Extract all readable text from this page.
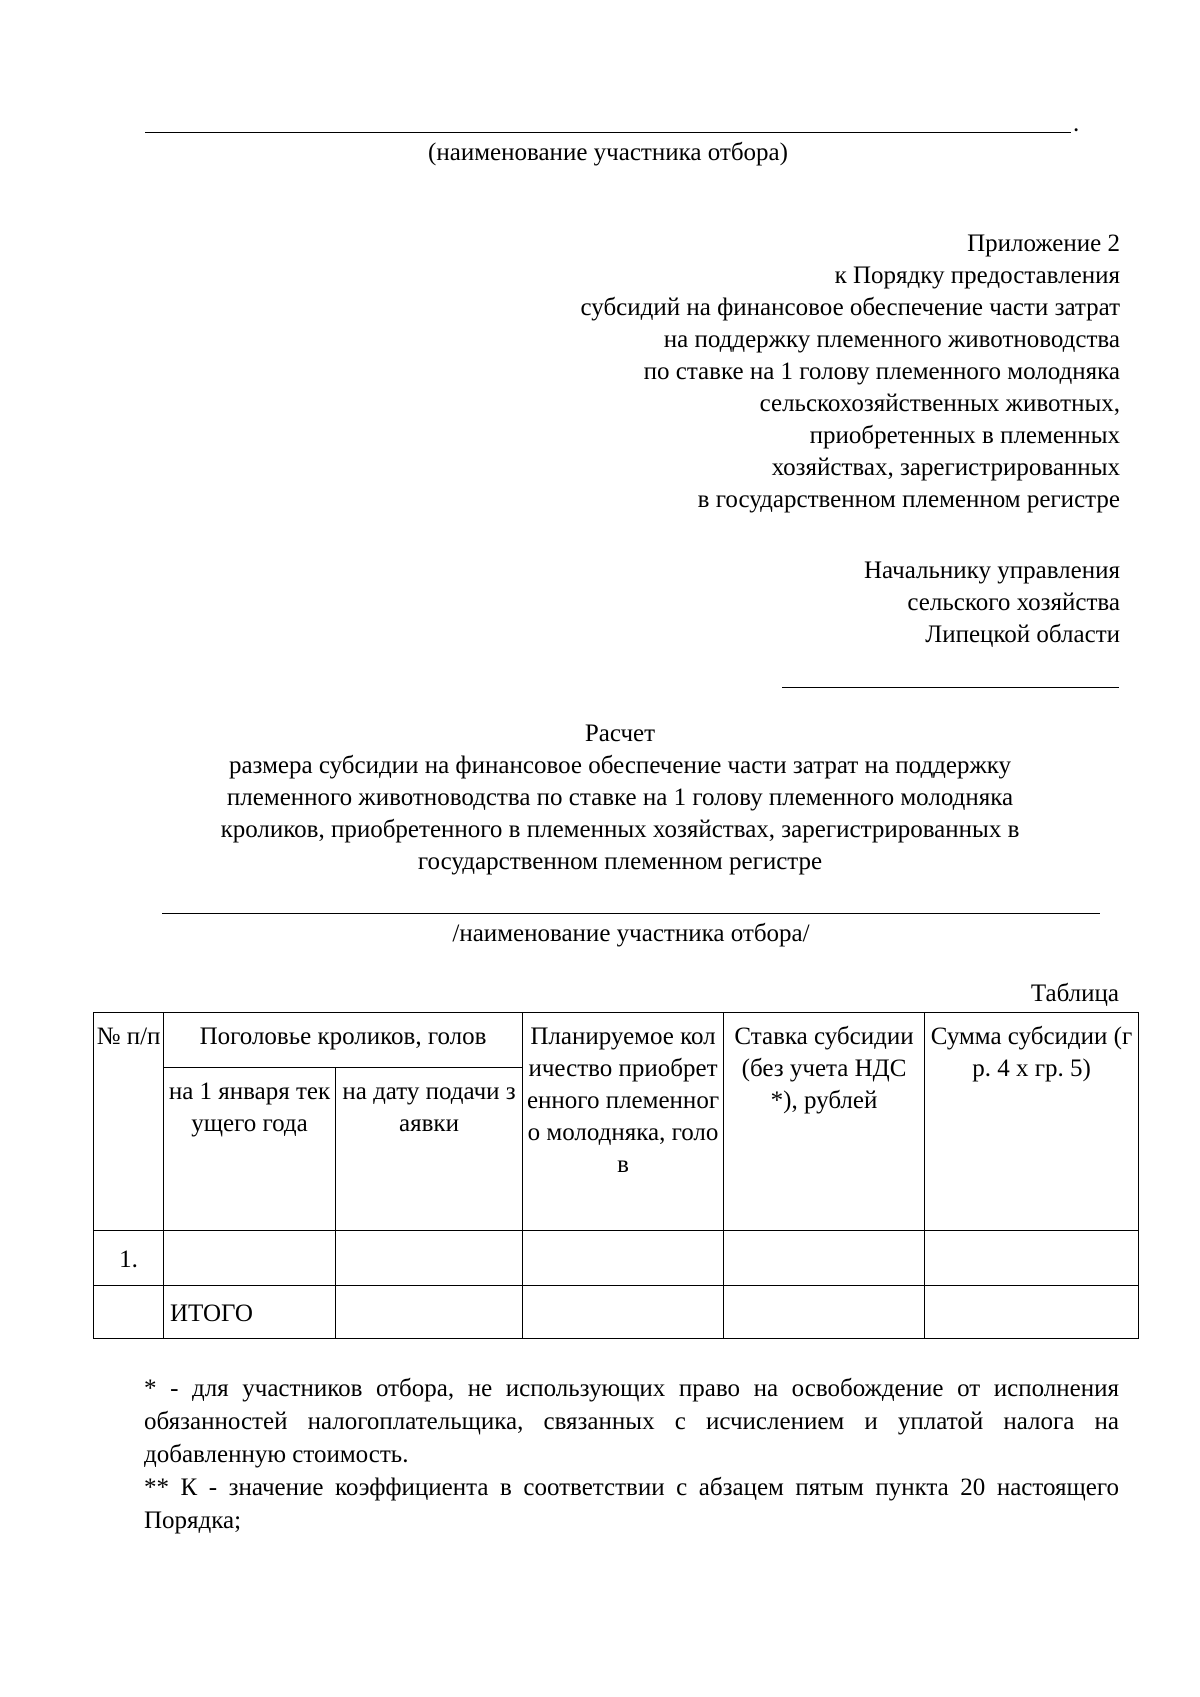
.
(наименование участника отбора)
Приложение 2
к Порядку предоставления
субсидий на финансовое обеспечение части затрат
на поддержку племенного животноводства
по ставке на 1 голову племенного молодняка
сельскохозяйственных животных,
приобретенных в племенных
хозяйствах, зарегистрированных
в государственном племенном регистре
Начальнику управления
сельского хозяйства
Липецкой области
Расчет
размера субсидии на финансовое обеспечение части затрат на поддержку
племенного животноводства по ставке на 1 голову племенного молодняка
кроликов, приобретенного в племенных хозяйствах, зарегистрированных в
государственном племенном регистре
/наименование участника отбора/
Таблица
№ п/п	Поголовье кроликов, голов		Планируемое количество приобретенного племенного молодняка, голов	Ставка субсидии (без учета НДС *), рублей	Сумма субсидии (гр. 4 х гр. 5)
	на 1 января текущего года	на дату подачи заявки			
1.					
	ИТОГО				

* - для участников отбора, не использующих право на освобождение от исполнения обязанностей налогоплательщика, связанных с исчислением и уплатой налога на добавленную стоимость.

** К - значение коэффициента в соответствии с абзацем пятым пункта 20 настоящего Порядка;
